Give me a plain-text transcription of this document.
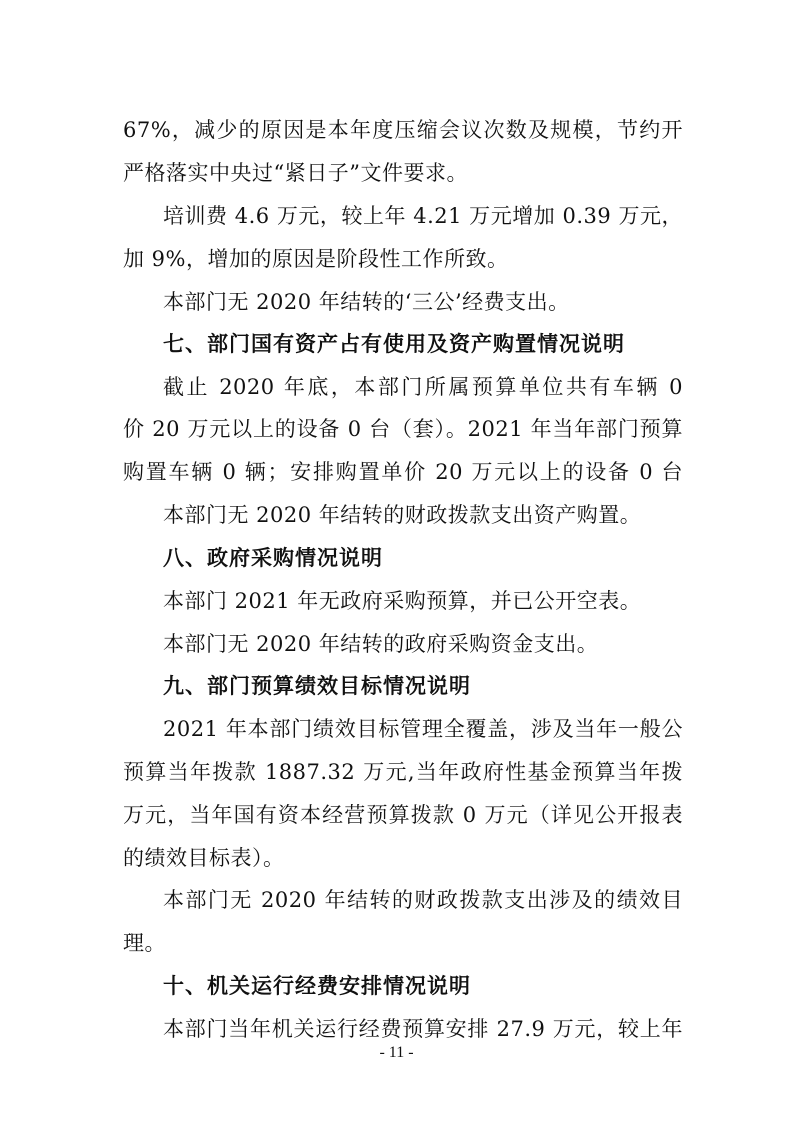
67%，减少的原因是本年度压缩会议次数及规模，节约开
严格落实中央过“紧日子”文件要求。
培训费 4.6 万元，较上年 4.21 万元增加 0.39 万元，
加 9%，增加的原因是阶段性工作所致。
本部门无 2020 年结转的‘三公’经费支出。
七、部门国有资产占有使用及资产购置情况说明
截止 2020 年底，本部门所属预算单位共有车辆 0
价 20 万元以上的设备 0 台（套）。2021 年当年部门预算
购置车辆 0 辆；安排购置单价 20 万元以上的设备 0 台
本部门无 2020 年结转的财政拨款支出资产购置。
八、政府采购情况说明
本部门 2021 年无政府采购预算，并已公开空表。
本部门无 2020 年结转的政府采购资金支出。
九、部门预算绩效目标情况说明
2021 年本部门绩效目标管理全覆盖，涉及当年一般公
预算当年拨款 1887.32 万元,当年政府性基金预算当年拨
万元，当年国有资本经营预算拨款 0 万元（详见公开报表
的绩效目标表）。
本部门无 2020 年结转的财政拨款支出涉及的绩效目
理。
十、机关运行经费安排情况说明
本部门当年机关运行经费预算安排 27.9 万元，较上年
- 11 -
